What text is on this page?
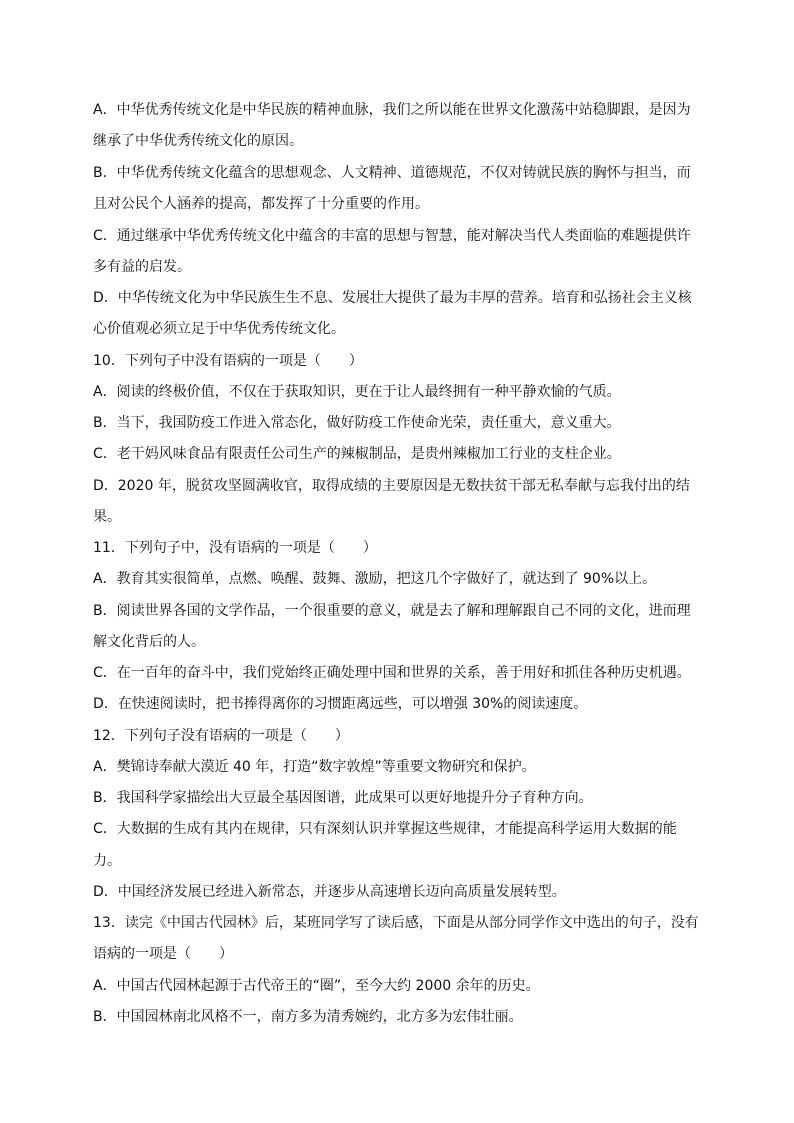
A．中华优秀传统文化是中华民族的精神血脉，我们之所以能在世界文化激荡中站稳脚跟，是因为
继承了中华优秀传统文化的原因。
B．中华优秀传统文化蕴含的思想观念、人文精神、道德规范，不仅对铸就民族的胸怀与担当，而
且对公民个人涵养的提高，都发挥了十分重要的作用。
C．通过继承中华优秀传统文化中蕴含的丰富的思想与智慧，能对解决当代人类面临的难题提供许
多有益的启发。
D．中华传统文化为中华民族生生不息、发展壮大提供了最为丰厚的营养。培育和弘扬社会主义核
心价值观必须立足于中华优秀传统文化。
10．下列句子中没有语病的一项是（　　）
A．阅读的终极价值，不仅在于获取知识，更在于让人最终拥有一种平静欢愉的气质。
B．当下，我国防疫工作进入常态化，做好防疫工作使命光荣，责任重大，意义重大。
C．老干妈风味食品有限责任公司生产的辣椒制品，是贵州辣椒加工行业的支柱企业。
D．2020 年，脱贫攻坚圆满收官，取得成绩的主要原因是无数扶贫干部无私奉献与忘我付出的结
果。
11．下列句子中，没有语病的一项是（　　）
A．教育其实很简单，点燃、唤醒、鼓舞、激励，把这几个字做好了，就达到了 90%以上。
B．阅读世界各国的文学作品，一个很重要的意义，就是去了解和理解跟自己不同的文化，进而理
解文化背后的人。
C．在一百年的奋斗中，我们党始终正确处理中国和世界的关系，善于用好和抓住各种历史机遇。
D．在快速阅读时，把书捧得离你的习惯距离远些，可以增强 30%的阅读速度。
12．下列句子没有语病的一项是（　　）
A．樊锦诗奉献大漠近 40 年，打造“数字敦煌”等重要文物研究和保护。
B．我国科学家描绘出大豆最全基因图谱，此成果可以更好地提升分子育种方向。
C．大数据的生成有其内在规律，只有深刻认识并掌握这些规律，才能提高科学运用大数据的能
力。
D．中国经济发展已经进入新常态，并逐步从高速增长迈向高质量发展转型。
13．读完《中国古代园林》后，某班同学写了读后感，下面是从部分同学作文中选出的句子，没有
语病的一项是（　　）
A．中国古代园林起源于古代帝王的“圈”，至今大约 2000 余年的历史。
B．中国园林南北风格不一，南方多为清秀婉约，北方多为宏伟壮丽。
